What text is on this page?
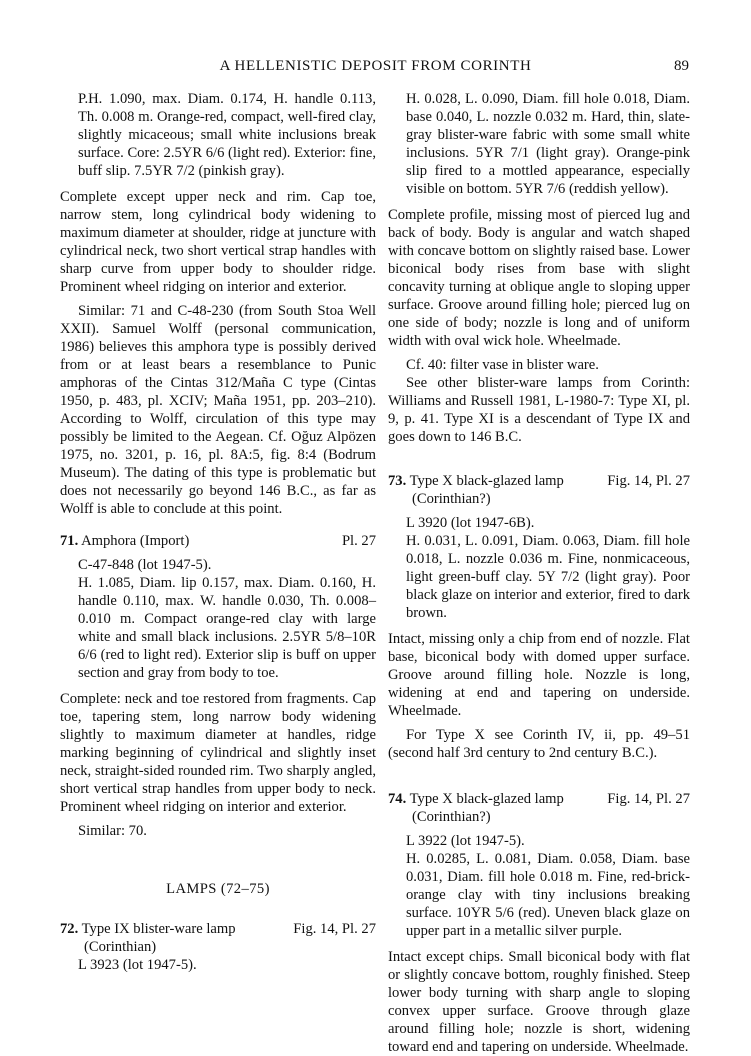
A HELLENISTIC DEPOSIT FROM CORINTH	89

P.H. 1.090, max. Diam. 0.174, H. handle 0.113, Th. 0.008 m. Orange-red, compact, well-fired clay, slightly micaceous; small white inclusions break surface. Core: 2.5YR 6/6 (light red). Exterior: fine, buff slip. 7.5YR 7/2 (pinkish gray).

Complete except upper neck and rim. Cap toe, narrow stem, long cylindrical body widening to maximum diameter at shoulder, ridge at juncture with cylindrical neck, two short vertical strap handles with sharp curve from upper body to shoulder ridge. Prominent wheel ridging on interior and exterior.

Similar: 71 and C-48-230 (from South Stoa Well XXII). Samuel Wolff (personal communication, 1986) believes this amphora type is possibly derived from or at least bears a resemblance to Punic amphoras of the Cintas 312/Maña C type (Cintas 1950, p. 483, pl. XCIV; Maña 1951, pp. 203–210). According to Wolff, circulation of this type may possibly be limited to the Aegean. Cf. Oğuz Alpözen 1975, no. 3201, p. 16, pl. 8A:5, fig. 8:4 (Bodrum Museum). The dating of this type is problematic but does not necessarily go beyond 146 B.C., as far as Wolff is able to conclude at this point.

71. Amphora (Import)	Pl. 27

C-47-848 (lot 1947-5).

H. 1.085, Diam. lip 0.157, max. Diam. 0.160, H. handle 0.110, max. W. handle 0.030, Th. 0.008–0.010 m. Compact orange-red clay with large white and small black inclusions. 2.5YR 5/8–10R 6/6 (red to light red). Exterior slip is buff on upper section and gray from body to toe.

Complete: neck and toe restored from fragments. Cap toe, tapering stem, long narrow body widening slightly to maximum diameter at handles, ridge marking beginning of cylindrical and slightly inset neck, straight-sided rounded rim. Two sharply angled, short vertical strap handles from upper body to neck. Prominent wheel ridging on interior and exterior.

Similar: 70.

LAMPS (72–75)

72. Type IX blister-ware lamp
(Corinthian)
Fig. 14, Pl. 27

L 3923 (lot 1947-5).

H. 0.028, L. 0.090, Diam. fill hole 0.018, Diam. base 0.040, L. nozzle 0.032 m. Hard, thin, slate-gray blister-ware fabric with some small white inclusions. 5YR 7/1 (light gray). Orange-pink slip fired to a mottled appearance, especially visible on bottom. 5YR 7/6 (reddish yellow).

Complete profile, missing most of pierced lug and back of body. Body is angular and watch shaped with concave bottom on slightly raised base. Lower biconical body rises from base with slight concavity turning at oblique angle to sloping upper surface. Groove around filling hole; pierced lug on one side of body; nozzle is long and of uniform width with oval wick hole. Wheelmade.

Cf. 40: filter vase in blister ware.

See other blister-ware lamps from Corinth: Williams and Russell 1981, L-1980-7: Type XI, pl. 9, p. 41. Type XI is a descendant of Type IX and goes down to 146 B.C.

73. Type X black-glazed lamp
(Corinthian?)
Fig. 14, Pl. 27

L 3920 (lot 1947-6B).

H. 0.031, L. 0.091, Diam. 0.063, Diam. fill hole 0.018, L. nozzle 0.036 m. Fine, nonmicaceous, light green-buff clay. 5Y 7/2 (light gray). Poor black glaze on interior and exterior, fired to dark brown.

Intact, missing only a chip from end of nozzle. Flat base, biconical body with domed upper surface. Groove around filling hole. Nozzle is long, widening at end and tapering on underside. Wheelmade.

For Type X see Corinth IV, ii, pp. 49–51 (second half 3rd century to 2nd century B.C.).

74. Type X black-glazed lamp
(Corinthian?)
Fig. 14, Pl. 27

L 3922 (lot 1947-5).

H. 0.0285, L. 0.081, Diam. 0.058, Diam. base 0.031, Diam. fill hole 0.018 m. Fine, red-brick-orange clay with tiny inclusions breaking surface. 10YR 5/6 (red). Uneven black glaze on upper part in a metallic silver purple.

Intact except chips. Small biconical body with flat or slightly concave bottom, roughly finished. Steep lower body turning with sharp angle to sloping convex upper surface. Groove through glaze around filling hole; nozzle is short, widening toward end and tapering on underside. Wheelmade.
